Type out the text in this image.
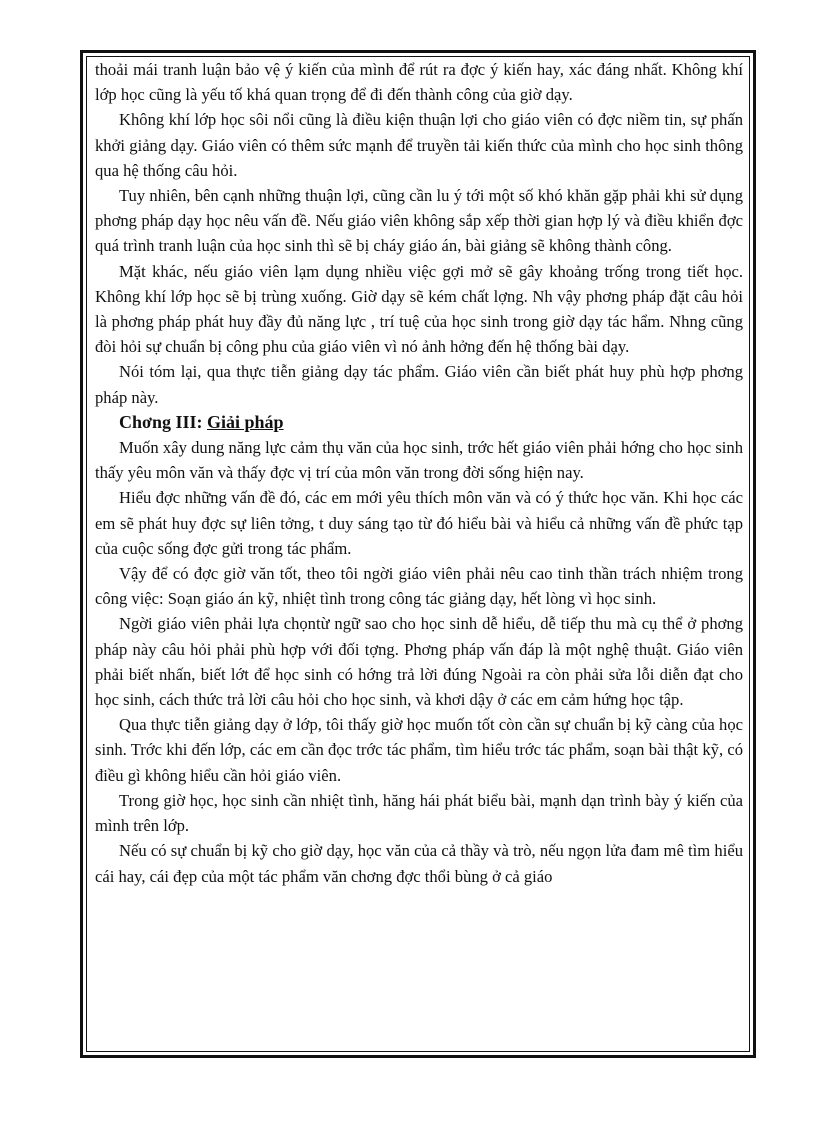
thoải mái tranh luận bảo vệ ý kiến của mình để rút ra đợc ý kiến hay, xác đáng nhất. Không khí lớp học cũng là yếu tố khá quan trọng để đi đến thành công của giờ dạy.

Không khí lớp học sôi nổi cũng là điều kiện thuận lợi cho giáo viên có đợc niềm tin, sự phấn khởi giảng dạy. Giáo viên có thêm sức mạnh để truyền tải kiến thức của mình cho học sinh thông qua hệ thống câu hỏi.

Tuy nhiên, bên cạnh những thuận lợi, cũng cần lu ý tới một số khó khăn gặp phải khi sử dụng phơng pháp dạy học nêu vấn đề. Nếu giáo viên không sắp xếp thời gian hợp lý và điều khiển đợc quá trình tranh luận của học sinh thì sẽ bị cháy giáo án, bài giảng sẽ không thành công.

Mặt khác, nếu giáo viên lạm dụng nhiều việc gợi mở sẽ gây khoảng trống trong tiết học. Không khí lớp học sẽ bị trùng xuống. Giờ dạy sẽ kém chất lợng. Nh vậy phơng pháp đặt câu hỏi là phơng pháp phát huy đầy đủ năng lực , trí tuệ của học sinh trong giờ dạy tác hẩm. Nhng cũng đòi hỏi sự chuẩn bị công phu của giáo viên vì nó ảnh hởng đến hệ thống bài dạy.

Nói tóm lại, qua thực tiễn giảng dạy tác phẩm. Giáo viên cần biết phát huy phù hợp phơng pháp này.

Chơng III: Giải pháp

Muốn xây dung năng lực cảm thụ văn của học sinh, trớc hết giáo viên phải hớng cho học sinh thấy yêu môn văn và thấy đợc vị trí của môn văn trong đời sống hiện nay.

Hiểu đợc những vấn đề đó, các em mới yêu thích môn văn và có ý thức học văn. Khi học các em sẽ phát huy đợc sự liên tởng, t duy sáng tạo từ đó hiểu bài và hiểu cả những vấn đề phức tạp của cuộc sống đợc gửi trong tác phẩm.

Vậy để có đợc giờ văn tốt, theo tôi ngời giáo viên phải nêu cao tinh thần trách nhiệm trong công việc: Soạn giáo án kỹ, nhiệt tình trong công tác giảng dạy, hết lòng vì học sinh.

Ngời giáo viên phải lựa chọntừ ngữ sao cho học sinh dễ hiểu, dễ tiếp thu mà cụ thể ở phơng pháp này câu hỏi phải phù hợp với đối tợng. Phơng pháp vấn đáp là một nghệ thuật. Giáo viên phải biết nhấn, biết lớt để học sinh có hớng trả lời đúng Ngoài ra còn phải sửa lỗi diễn đạt cho học sinh, cách thức trả lời câu hỏi cho học sinh, và khơi dậy ở các em cảm hứng học tập.

Qua thực tiễn giảng dạy ở lớp, tôi thấy giờ học muốn tốt còn cần sự chuẩn bị kỹ càng của học sinh. Trớc khi đến lớp, các em cần đọc trớc tác phẩm, tìm hiểu trớc tác phẩm, soạn bài thật kỹ, có điều gì không hiểu cần hỏi giáo viên.

Trong giờ học, học sinh cần nhiệt tình, hăng hái phát biểu bài, mạnh dạn trình bày ý kiến của mình trên lớp.

Nếu có sự chuẩn bị kỹ cho giờ dạy, học văn của cả thầy và trò, nếu ngọn lửa đam mê tìm hiểu cái hay, cái đẹp của một tác phẩm văn chơng đợc thổi bùng ở cả giáo
